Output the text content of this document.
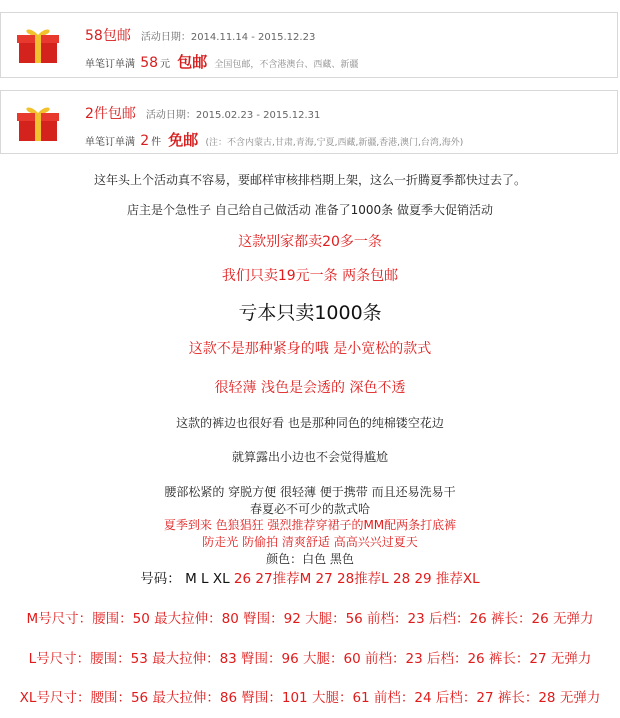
58包邮 活动日期：2014.11.14 - 2015.12.23
单笔订单满 58 元 包邮 全国包邮，不含港澳台、西藏、新疆
2件包邮 活动日期：2015.02.23 - 2015.12.31
单笔订单满 2 件 免邮 (注：不含内蒙古,甘肃,青海,宁夏,西藏,新疆,香港,澳门,台湾,海外)
这年头上个活动真不容易，要邮样审核排档期上架，这么一折腾夏季都快过去了。
店主是个急性子 自己给自己做活动 准备了1000条 做夏季大促销活动
这款别家都卖20多一条
我们只卖19元一条 两条包邮
亏本只卖1000条
这款不是那种紧身的哦 是小宽松的款式
很轻薄 浅色是会透的 深色不透
这款的裤边也很好看 也是那种同色的纯棉镂空花边
就算露出小边也不会觉得尴尬
腰部松紧的 穿脱方便 很轻薄 便于携带 而且还易洗易干
春夏必不可少的款式哈
夏季到来 色狼猖狂 强烈推荐穿裙子的MM配两条打底裤
防走光 防偷拍 清爽舒适 高高兴兴过夏天
颜色：白色 黑色
号码： M L XL 26 27推荐M 27 28推荐L 28 29 推荐XL
M号尺寸：腰围：50 最大拉伸：80 臀围：92 大腿：56 前档：23 后档：26 裤长：26 无弹力
L号尺寸：腰围：53 最大拉伸：83 臀围：96 大腿：60 前档：23 后档：26 裤长：27 无弹力
XL号尺寸：腰围：56 最大拉伸：86 臀围：101 大腿：61 前档：24 后档：27 裤长：28 无弹力
